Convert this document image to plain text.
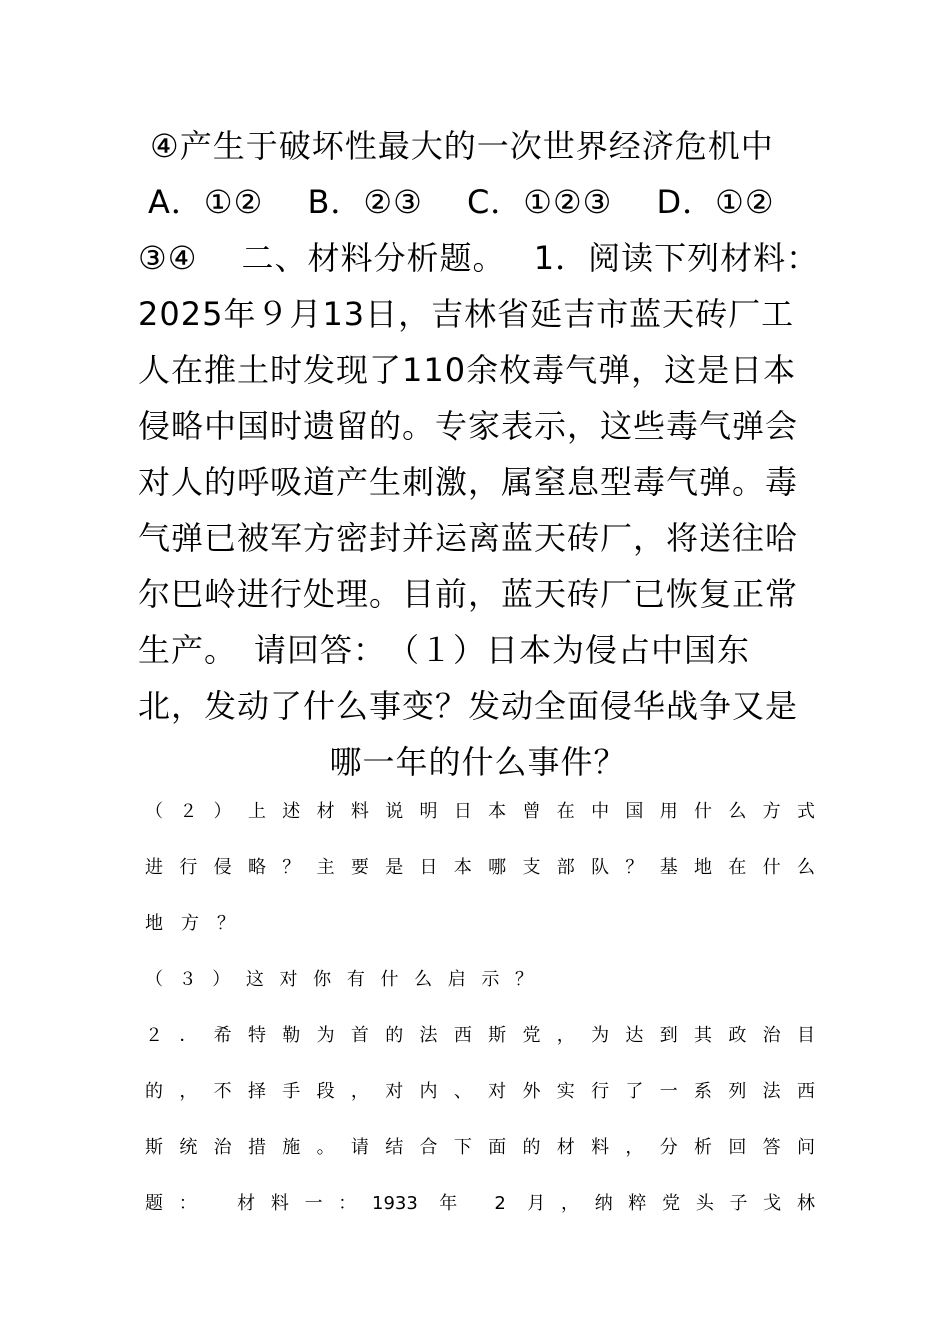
④产生于破坏性最大的一次世界经济危机中
A．①②　 B．②③　 C．①②③　 D．①②
③④　 二、材料分析题。　 1．阅读下列材料：
2025年９月13日，吉林省延吉市蓝天砖厂工
人在推土时发现了110余枚毒气弹，这是日本
侵略中国时遗留的。专家表示，这些毒气弹会
对人的呼吸道产生刺激，属窒息型毒气弹。毒
气弹已被军方密封并运离蓝天砖厂，将送往哈
尔巴岭进行处理。目前，蓝天砖厂已恢复正常
生产。　请回答：　（１）日本为侵占中国东
北，发动了什么事变？发动全面侵华战争又是
哪一年的什么事件？
（２）上述材料说明日本曾在中国用什么方式
进行侵略？主要是日本哪支部队？基地在什么
地方？
（３）这对你有什么启示？
２．希特勒为首的法西斯党，为达到其政治目
的，不择手段，对内、对外实行了一系列法西
斯统治措施。请结合下面的材料，分析回答问
题：　材料一：1933 年 2 月，纳粹党头子戈林
